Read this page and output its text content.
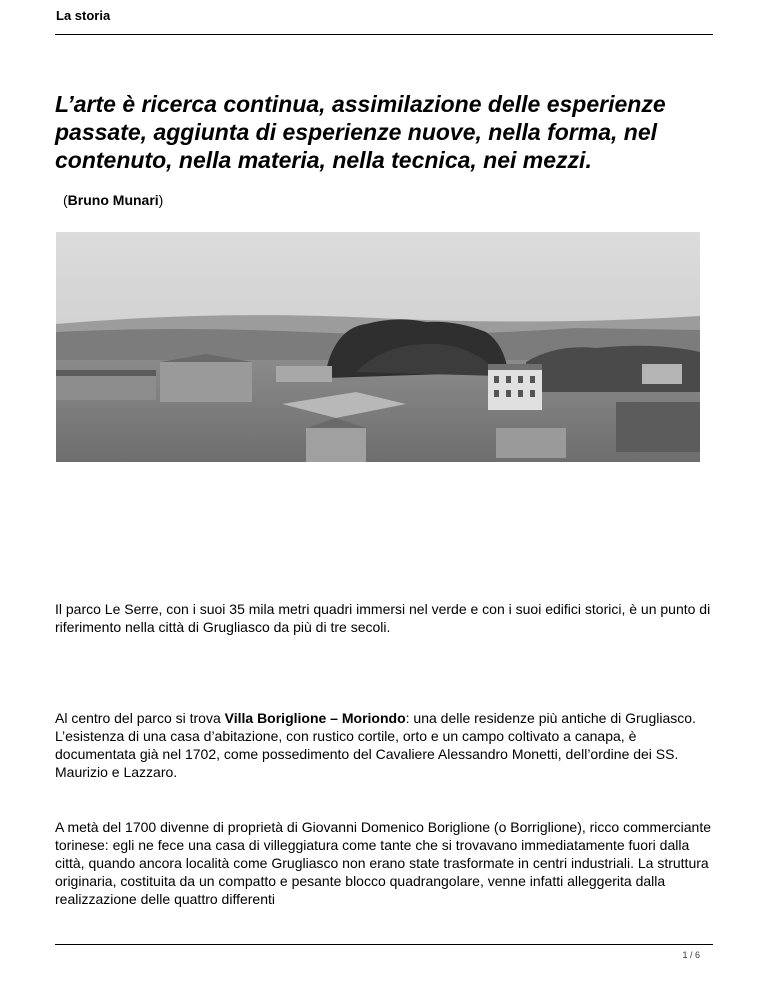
La storia
L’arte è ricerca continua, assimilazione delle esperienze
passate, aggiunta di esperienze nuove, nella forma, nel
contenuto, nella materia, nella tecnica, nei mezzi.
(Bruno Munari)

Il parco Le Serre, con i suoi 35 mila metri quadri immersi nel verde e con i suoi edifici storici, è un punto di riferimento nella città di Grugliasco da più di tre secoli.

Al centro del parco si trova Villa Boriglione – Moriondo: una delle residenze più antiche di Grugliasco. L’esistenza di una casa d’abitazione, con rustico cortile, orto e un campo coltivato a canapa, è documentata già nel 1702, come possedimento del Cavaliere Alessandro Monetti, dell’ordine dei SS. Maurizio e Lazzaro.

A metà del 1700 divenne di proprietà di Giovanni Domenico Boriglione (o Borriglione), ricco commerciante torinese: egli ne fece una casa di villeggiatura come tante che si trovavano immediatamente fuori dalla città, quando ancora località come Grugliasco non erano state trasformate in centri industriali. La struttura originaria, costituita da un compatto e pesante blocco quadrangolare, venne infatti alleggerita dalla realizzazione delle quattro differenti

1 / 6
